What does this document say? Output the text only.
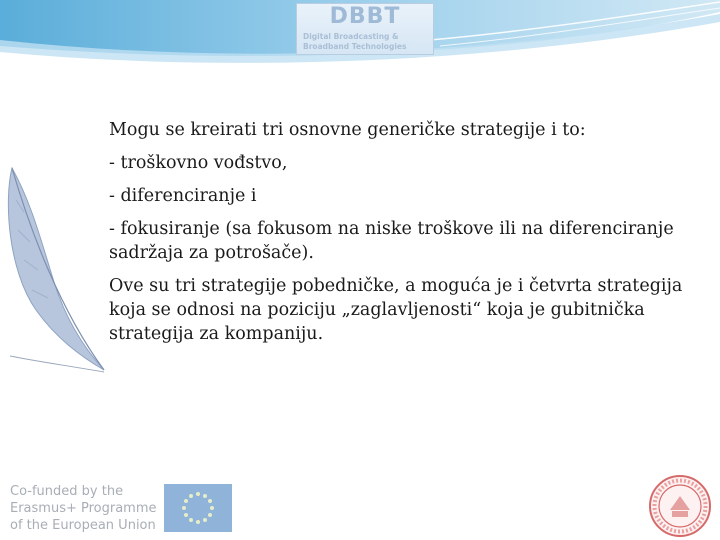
DBBT
Digital Broadcasting &
Broadband Technologies

Mogu se kreirati tri osnovne generičke strategije i to:

- troškovno vođstvo,

- diferenciranje i

- fokusiranje (sa fokusom na niske troškove ili na diferenciranje sadržaja za potrošače).

Ove su tri strategije pobedničke, a moguća je i četvrta strategija koja se odnosi na poziciju „zaglavljenosti“ koja je gubitnička strategija za kompaniju.

Co-funded by the
Erasmus+ Programme
of the European Union
